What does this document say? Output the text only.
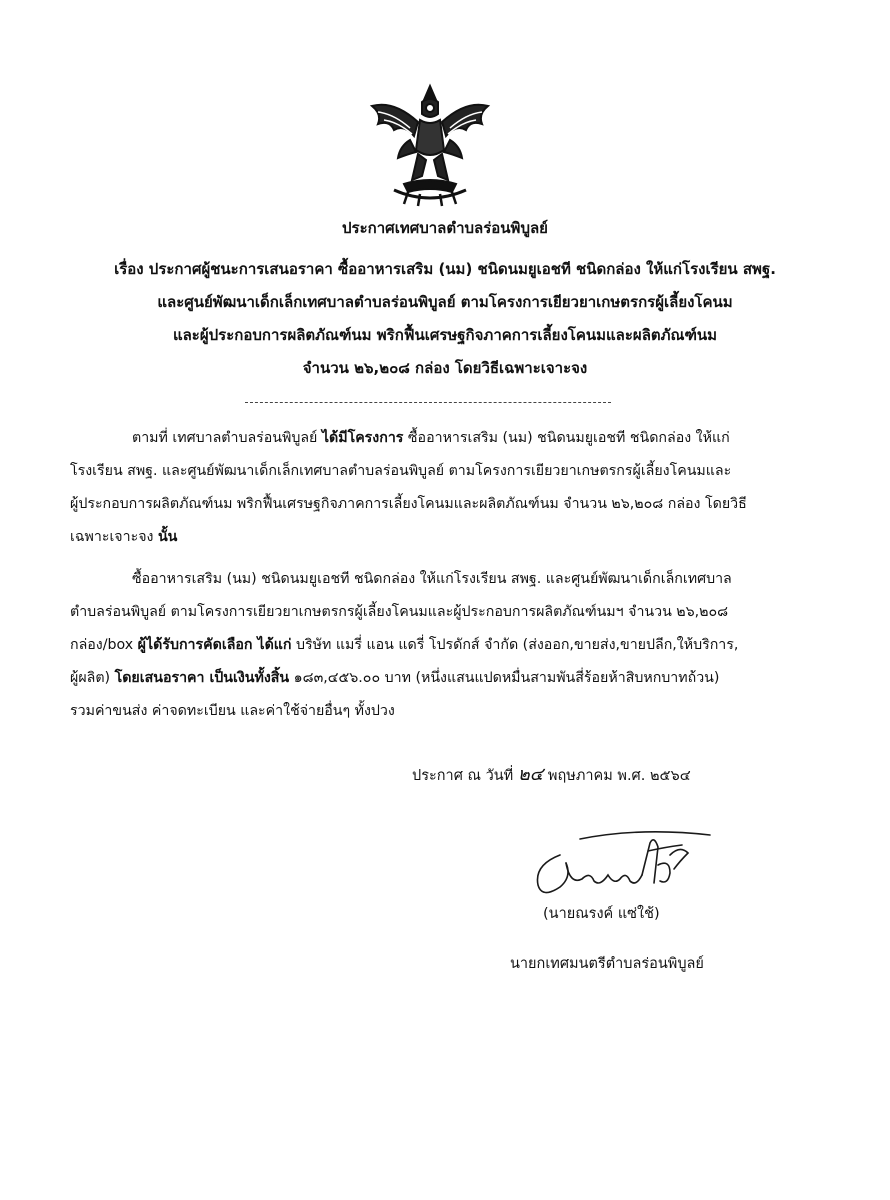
ประกาศเทศบาลตำบลร่อนพิบูลย์
เรื่อง ประกาศผู้ชนะการเสนอราคา ซื้ออาหารเสริม (นม) ชนิดนมยูเอชที ชนิดกล่อง ให้แก่โรงเรียน สพฐ.
และศูนย์พัฒนาเด็กเล็กเทศบาลตำบลร่อนพิบูลย์ ตามโครงการเยียวยาเกษตรกรผู้เลี้ยงโคนม
และผู้ประกอบการผลิตภัณฑ์นม พริกฟื้นเศรษฐกิจภาคการเลี้ยงโคนมและผลิตภัณฑ์นม
จำนวน ๒๖,๒๐๘ กล่อง โดยวิธีเฉพาะเจาะจง
ตามที่ เทศบาลตำบลร่อนพิบูลย์ ได้มีโครงการ ซื้ออาหารเสริม (นม) ชนิดนมยูเอชที ชนิดกล่อง ให้แก่
โรงเรียน สพฐ. และศูนย์พัฒนาเด็กเล็กเทศบาลตำบลร่อนพิบูลย์ ตามโครงการเยียวยาเกษตรกรผู้เลี้ยงโคนมและ
ผู้ประกอบการผลิตภัณฑ์นม พริกฟื้นเศรษฐกิจภาคการเลี้ยงโคนมและผลิตภัณฑ์นม จำนวน ๒๖,๒๐๘ กล่อง โดยวิธี
เฉพาะเจาะจง นั้น
ซื้ออาหารเสริม (นม) ชนิดนมยูเอชที ชนิดกล่อง ให้แก่โรงเรียน สพฐ. และศูนย์พัฒนาเด็กเล็กเทศบาล
ตำบลร่อนพิบูลย์ ตามโครงการเยียวยาเกษตรกรผู้เลี้ยงโคนมและผู้ประกอบการผลิตภัณฑ์นมฯ จำนวน ๒๖,๒๐๘
กล่อง/box ผู้ได้รับการคัดเลือก ได้แก่ บริษัท แมรี่ แอน แดรี่ โปรดักส์ จำกัด (ส่งออก,ขายส่ง,ขายปลีก,ให้บริการ,
ผู้ผลิต) โดยเสนอราคา เป็นเงินทั้งสิ้น ๑๘๓,๔๕๖.๐๐ บาท (หนึ่งแสนแปดหมื่นสามพันสี่ร้อยห้าสิบหกบาทถ้วน)
รวมค่าขนส่ง ค่าจดทะเบียน และค่าใช้จ่ายอื่นๆ ทั้งปวง
ประกาศ ณ วันที่ ๒๔ พฤษภาคม พ.ศ. ๒๕๖๔
(นายณรงค์ แซ่ใช้)
นายกเทศมนตรีตำบลร่อนพิบูลย์
